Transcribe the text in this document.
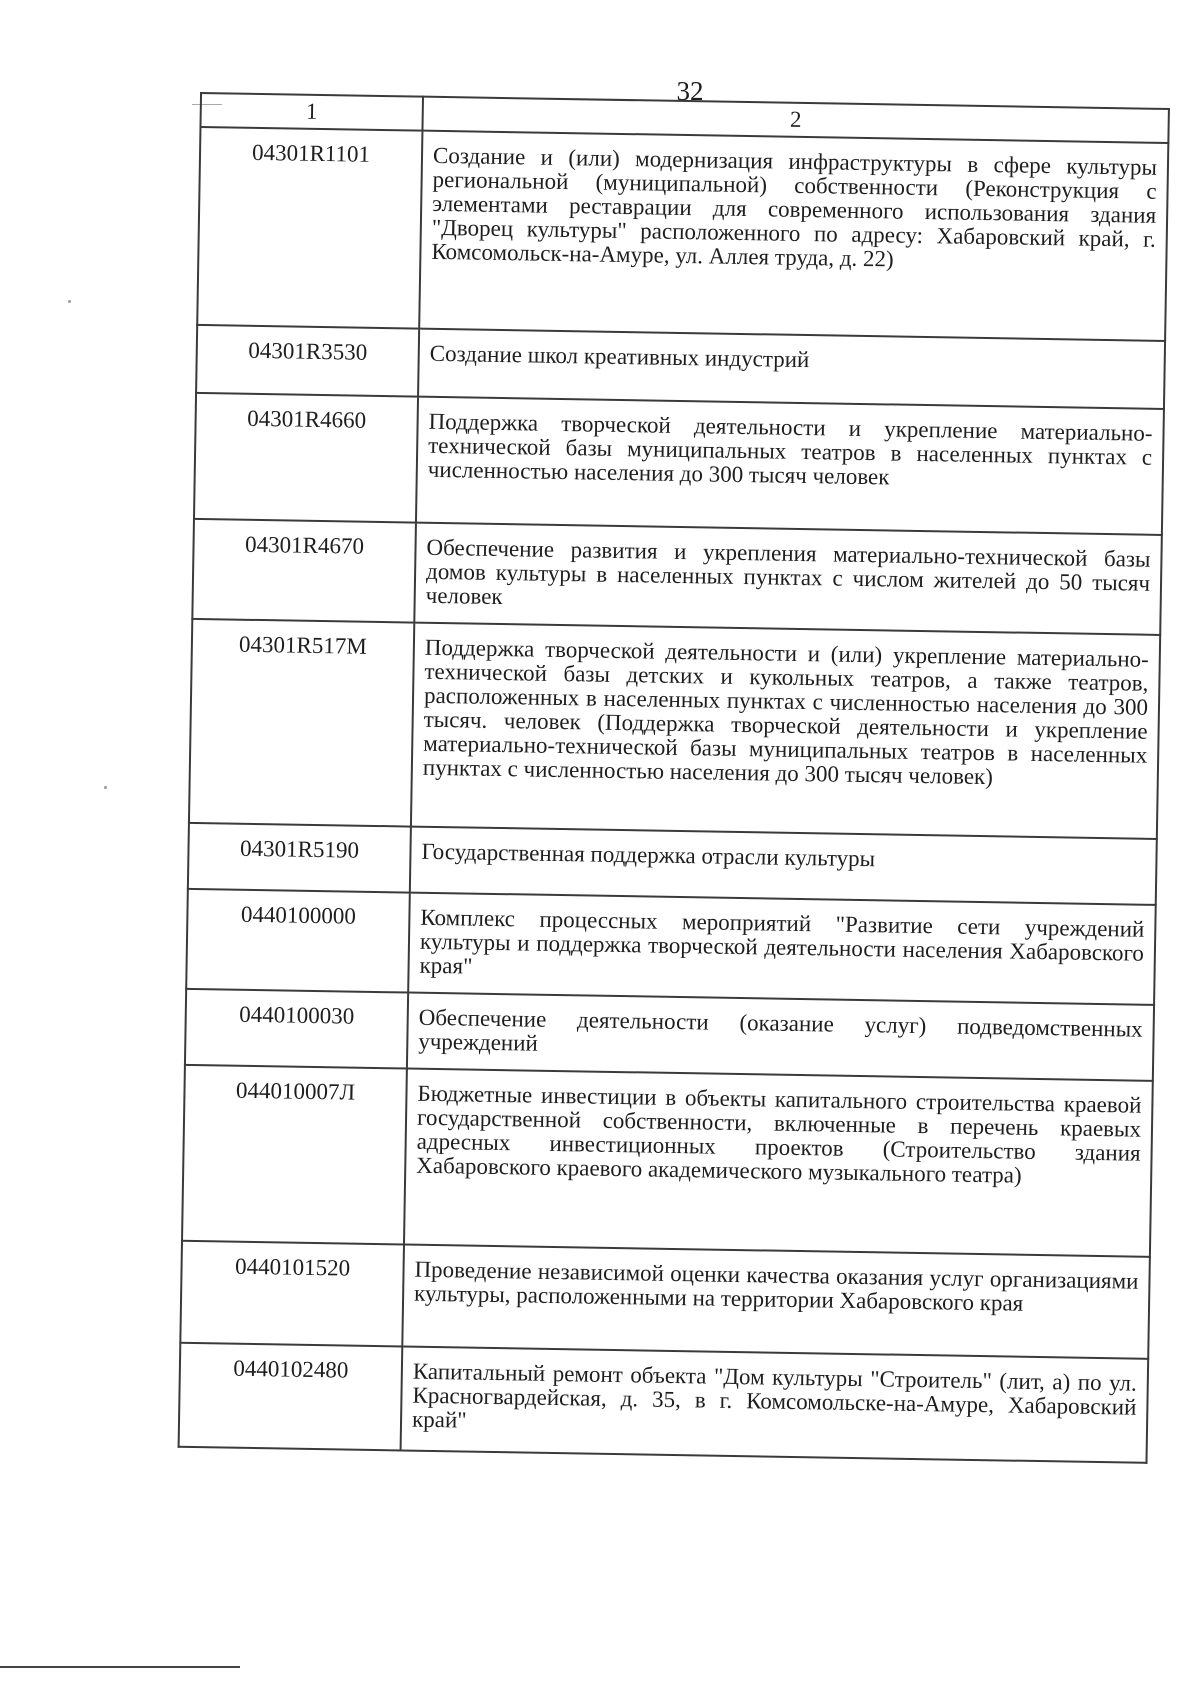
32
1	2
04301R1101	Создание и (или) модернизация инфраструктуры в сфере культуры региональной (муниципальной) собственности (Реконструкция с элементами реставрации для современного использования здания "Дворец культуры" расположенного по адресу: Хабаровский край, г. Комсомольск-на-Амуре, ул. Аллея труда, д. 22)
04301R3530	Создание школ креативных индустрий
04301R4660	Поддержка творческой деятельности и укрепление материально-технической базы муниципальных театров в населенных пунктах с численностью населения до 300 тысяч человек
04301R4670	Обеспечение развития и укрепления материально-технической базы домов культуры в населенных пунктах с числом жителей до 50 тысяч человек
04301R517M	Поддержка творческой деятельности и (или) укрепление материально-технической базы детских и кукольных театров, а также театров, расположенных в населенных пунктах с численностью населения до 300 тысяч. человек (Поддержка творческой деятельности и укрепление материально-технической базы муниципальных театров в населенных пунктах с численностью населения до 300 тысяч человек)
04301R5190	Государственная поддержка отрасли культуры
0440100000	Комплекс процессных мероприятий "Развитие сети учреждений культуры и поддержка творческой деятельности населения Хабаровского края"
0440100030	Обеспечение деятельности (оказание услуг) подведомственных учреждений
044010007Л	Бюджетные инвестиции в объекты капитального строительства краевой государственной собственности, включенные в перечень краевых адресных инвестиционных проектов (Строительство здания Хабаровского краевого академического музыкального театра)
0440101520	Проведение независимой оценки качества оказания услуг организациями культуры, расположенными на территории Хабаровского края
0440102480	Капитальный ремонт объекта "Дом культуры "Строитель" (лит, а) по ул. Красногвардейская, д. 35, в г. Комсомольске-на-Амуре, Хабаровский край"
